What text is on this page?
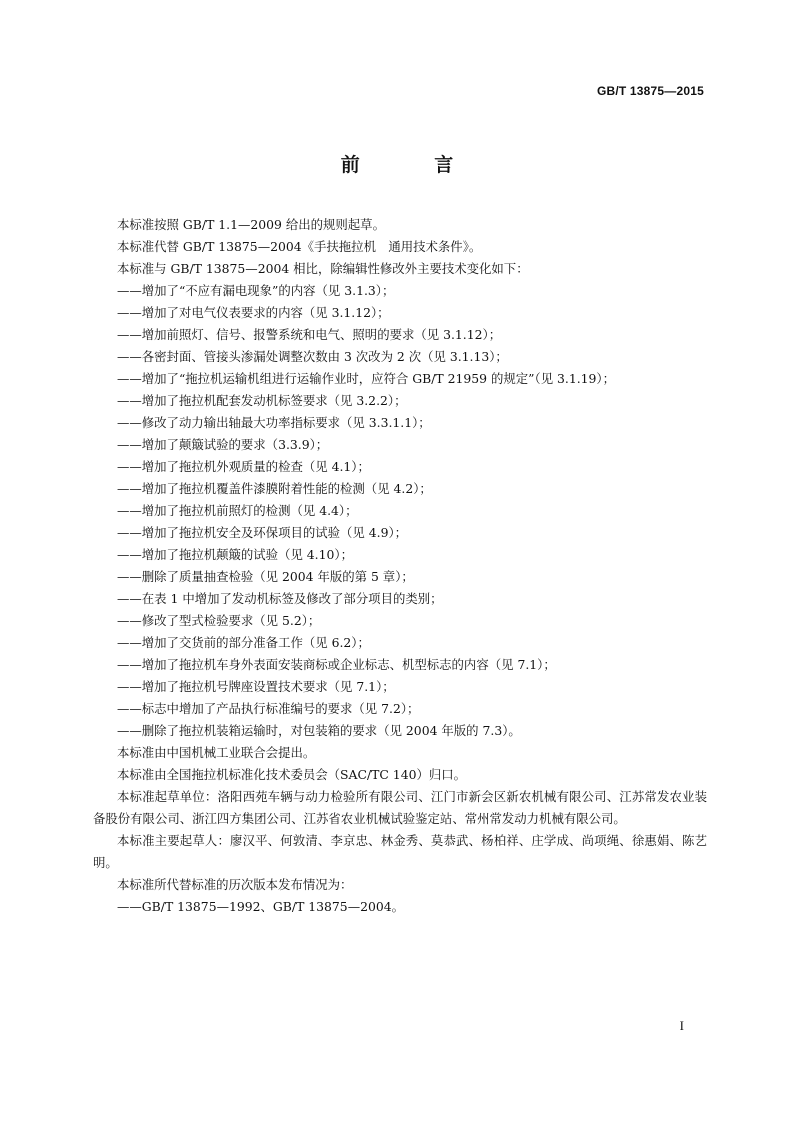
GB/T 13875—2015
前 言

本标准按照 GB/T 1.1—2009 给出的规则起草。

本标准代替 GB/T 13875—2004《手扶拖拉机　通用技术条件》。

本标准与 GB/T 13875—2004 相比，除编辑性修改外主要技术变化如下：

——增加了“不应有漏电现象”的内容（见 3.1.3）；

——增加了对电气仪表要求的内容（见 3.1.12）；

——增加前照灯、信号、报警系统和电气、照明的要求（见 3.1.12）；

——各密封面、管接头渗漏处调整次数由 3 次改为 2 次（见 3.1.13）；

——增加了“拖拉机运输机组进行运输作业时，应符合 GB/T 21959 的规定”（见 3.1.19）；

——增加了拖拉机配套发动机标签要求（见 3.2.2）；

——修改了动力输出轴最大功率指标要求（见 3.3.1.1）；

——增加了颠簸试验的要求（3.3.9）；

——增加了拖拉机外观质量的检查（见 4.1）；

——增加了拖拉机覆盖件漆膜附着性能的检测（见 4.2）；

——增加了拖拉机前照灯的检测（见 4.4）；

——增加了拖拉机安全及环保项目的试验（见 4.9）；

——增加了拖拉机颠簸的试验（见 4.10）；

——删除了质量抽查检验（见 2004 年版的第 5 章）；

——在表 1 中增加了发动机标签及修改了部分项目的类别；

——修改了型式检验要求（见 5.2）；

——增加了交货前的部分准备工作（见 6.2）；

——增加了拖拉机车身外表面安装商标或企业标志、机型标志的内容（见 7.1）；

——增加了拖拉机号牌座设置技术要求（见 7.1）；

——标志中增加了产品执行标准编号的要求（见 7.2）；

——删除了拖拉机装箱运输时，对包装箱的要求（见 2004 年版的 7.3）。

本标准由中国机械工业联合会提出。

本标准由全国拖拉机标准化技术委员会（SAC/TC 140）归口。

本标准起草单位：洛阳西苑车辆与动力检验所有限公司、江门市新会区新农机械有限公司、江苏常发农业装备股份有限公司、浙江四方集团公司、江苏省农业机械试验鉴定站、常州常发动力机械有限公司。

本标准主要起草人：廖汉平、何敦清、李京忠、林金秀、莫恭武、杨柏祥、庄学成、尚项绳、徐惠娟、陈艺明。

本标准所代替标准的历次版本发布情况为：

——GB/T 13875—1992、GB/T 13875—2004。

I
